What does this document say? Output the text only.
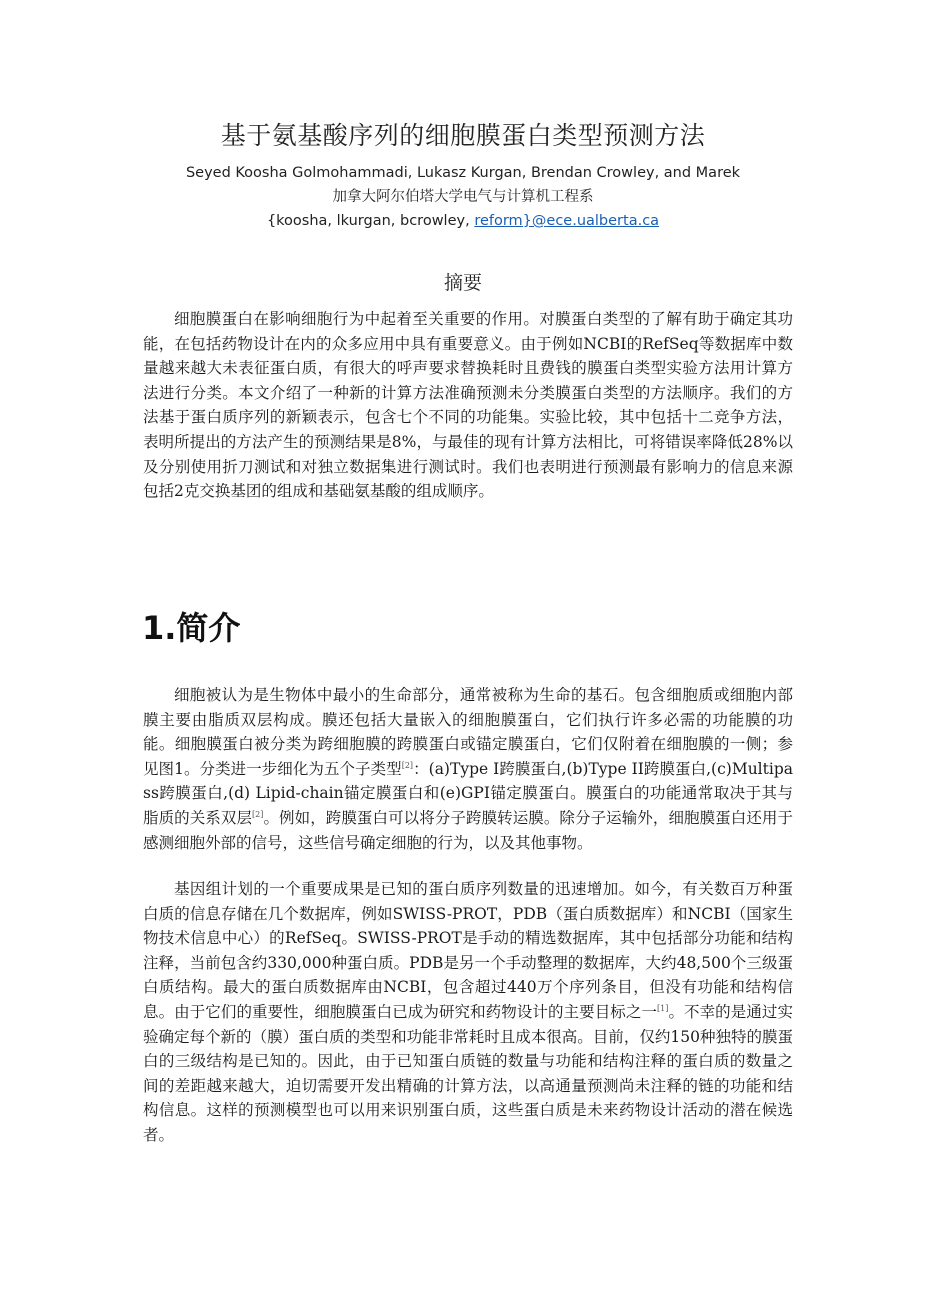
基于氨基酸序列的细胞膜蛋白类型预测方法
Seyed Koosha Golmohammadi, Lukasz Kurgan, Brendan Crowley, and Marek
加拿大阿尔伯塔大学电气与计算机工程系
{koosha, lkurgan, bcrowley, reform}@ece.ualberta.ca
摘要

细胞膜蛋白在影响细胞行为中起着至关重要的作用。对膜蛋白类型的了解有助于确定其功能，在包括药物设计在内的众多应用中具有重要意义。由于例如NCBI的RefSeq等数据库中数量越来越大未表征蛋白质，有很大的呼声要求替换耗时且费钱的膜蛋白类型实验方法用计算方法进行分类。本文介绍了一种新的计算方法准确预测未分类膜蛋白类型的方法顺序。我们的方法基于蛋白质序列的新颖表示，包含七个不同的功能集。实验比较，其中包括十二竞争方法，表明所提出的方法产生的预测结果是8%，与最佳的现有计算方法相比，可将错误率降低28%以及分别使用折刀测试和对独立数据集进行测试时。我们也表明进行预测最有影响力的信息来源包括2克交换基团的组成和基础氨基酸的组成顺序。

1.简介

细胞被认为是生物体中最小的生命部分，通常被称为生命的基石。包含细胞质或细胞内部膜主要由脂质双层构成。膜还包括大量嵌入的细胞膜蛋白，它们执行许多必需的功能膜的功能。细胞膜蛋白被分类为跨细胞膜的跨膜蛋白或锚定膜蛋白，它们仅附着在细胞膜的一侧；参见图1。分类进一步细化为五个子类型[2]：(a)Type I跨膜蛋白,(b)Type II跨膜蛋白,(c)Multipass跨膜蛋白,(d) Lipid-chain锚定膜蛋白和(e)GPI锚定膜蛋白。膜蛋白的功能通常取决于其与脂质的关系双层[2]。例如，跨膜蛋白可以将分子跨膜转运膜。除分子运输外，细胞膜蛋白还用于感测细胞外部的信号，这些信号确定细胞的行为，以及其他事物。

基因组计划的一个重要成果是已知的蛋白质序列数量的迅速增加。如今，有关数百万种蛋白质的信息存储在几个数据库，例如SWISS-PROT，PDB（蛋白质数据库）和NCBI（国家生物技术信息中心）的RefSeq。SWISS-PROT是手动的精选数据库，其中包括部分功能和结构注释，当前包含约330,000种蛋白质。PDB是另一个手动整理的数据库，大约48,500个三级蛋白质结构。最大的蛋白质数据库由NCBI，包含超过440万个序列条目，但没有功能和结构信息。由于它们的重要性，细胞膜蛋白已成为研究和药物设计的主要目标之一[1]。不幸的是通过实验确定每个新的（膜）蛋白质的类型和功能非常耗时且成本很高。目前，仅约150种独特的膜蛋白的三级结构是已知的。因此，由于已知蛋白质链的数量与功能和结构注释的蛋白质的数量之间的差距越来越大，迫切需要开发出精确的计算方法，以高通量预测尚未注释的链的功能和结构信息。这样的预测模型也可以用来识别蛋白质，这些蛋白质是未来药物设计活动的潜在候选者。
